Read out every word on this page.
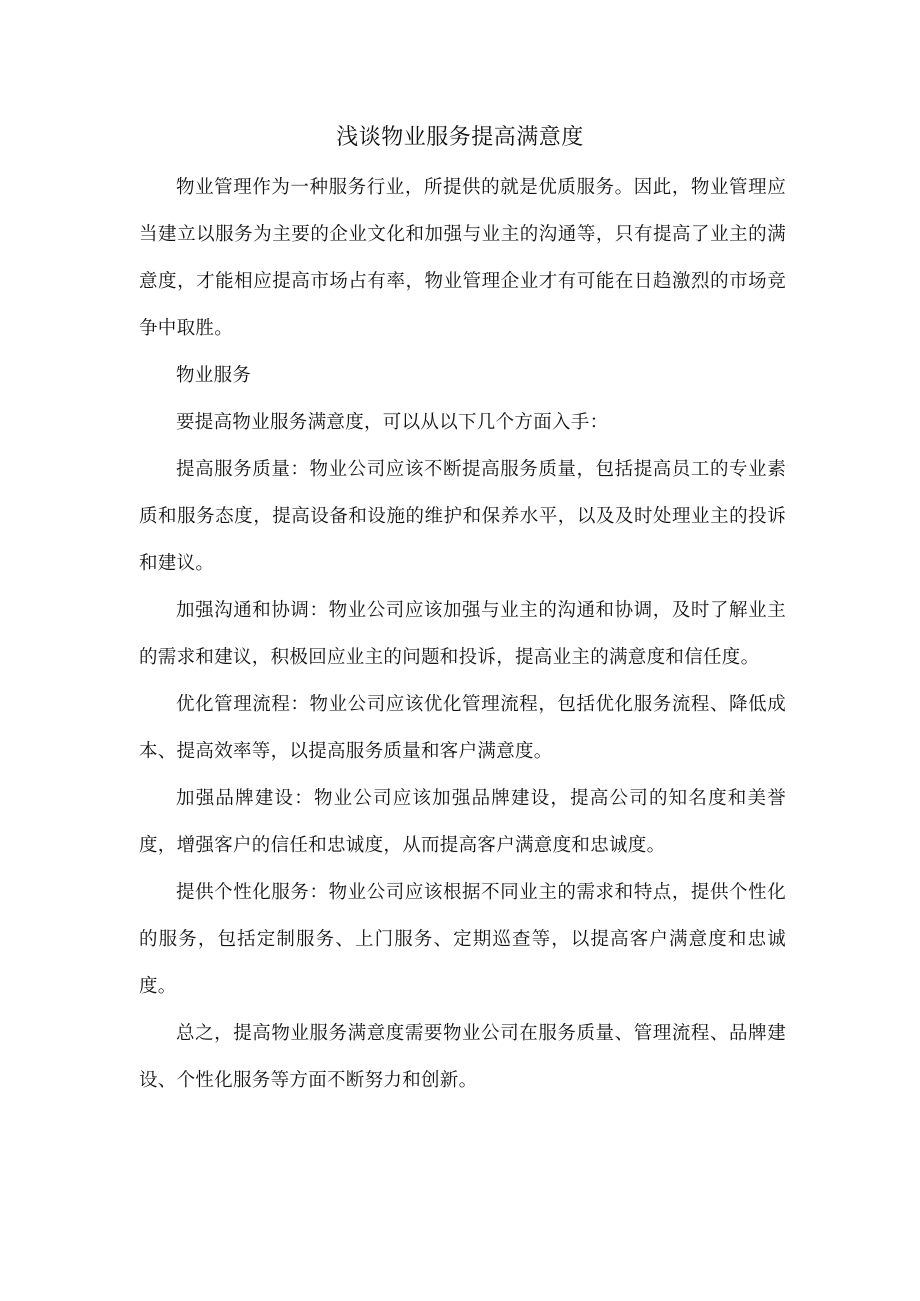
浅谈物业服务提高满意度

物业管理作为一种服务行业，所提供的就是优质服务。因此，物业管理应当建立以服务为主要的企业文化和加强与业主的沟通等，只有提高了业主的满意度，才能相应提高市场占有率，物业管理企业才有可能在日趋激烈的市场竞争中取胜。

物业服务

要提高物业服务满意度，可以从以下几个方面入手：

提高服务质量：物业公司应该不断提高服务质量，包括提高员工的专业素质和服务态度，提高设备和设施的维护和保养水平，以及及时处理业主的投诉和建议。

加强沟通和协调：物业公司应该加强与业主的沟通和协调，及时了解业主的需求和建议，积极回应业主的问题和投诉，提高业主的满意度和信任度。

优化管理流程：物业公司应该优化管理流程，包括优化服务流程、降低成本、提高效率等，以提高服务质量和客户满意度。

加强品牌建设：物业公司应该加强品牌建设，提高公司的知名度和美誉度，增强客户的信任和忠诚度，从而提高客户满意度和忠诚度。

提供个性化服务：物业公司应该根据不同业主的需求和特点，提供个性化的服务，包括定制服务、上门服务、定期巡查等，以提高客户满意度和忠诚度。

总之，提高物业服务满意度需要物业公司在服务质量、管理流程、品牌建设、个性化服务等方面不断努力和创新。
